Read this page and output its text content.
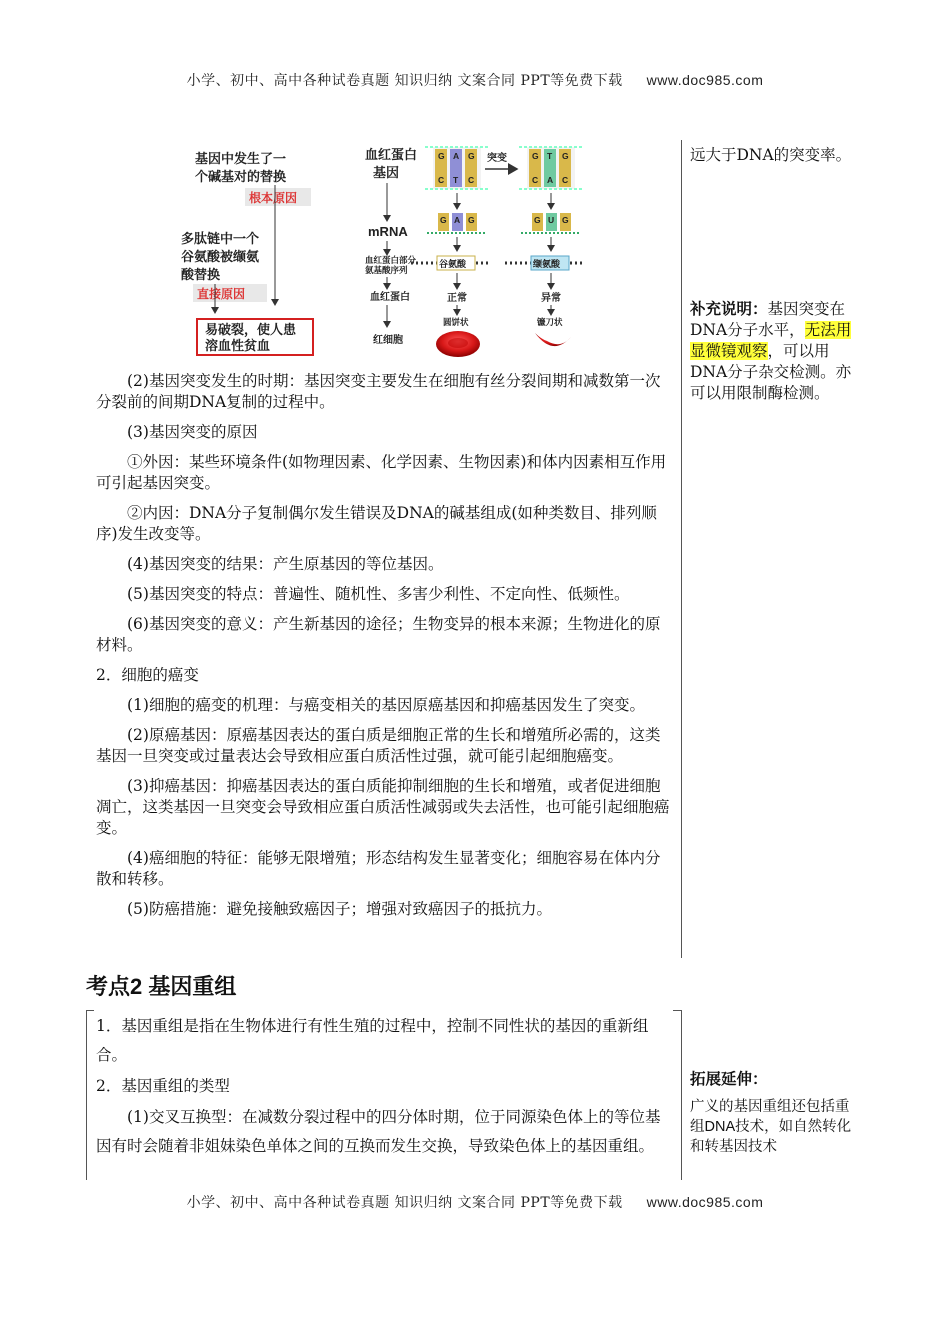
小学、初中、高中各种试卷真题 知识归纳 文案合同 PPT等免费下载 www.doc985.com
基因中发生了一
个碱基对的替换
根本原因
多肽链中一个
谷氨酸被缬氨
酸替换
直接原因
易破裂，使人患
溶血性贫血
血红蛋白
基因
mRNA
血红蛋白部分
氨基酸序列
血红蛋白
红细胞
G A G
C T C
G A G
谷氨酸
正常
圆饼状
突变	G T G
C A C
G U G
缬氨酸
异常
镰刀状

(2)基因突变发生的时期：基因突变主要发生在细胞有丝分裂间期和减数第一次分裂前的间期DNA复制的过程中。

(3)基因突变的原因

①外因：某些环境条件(如物理因素、化学因素、生物因素)和体内因素相互作用可引起基因突变。

②内因：DNA分子复制偶尔发生错误及DNA的碱基组成(如种类数目、排列顺序)发生改变等。

(4)基因突变的结果：产生原基因的等位基因。

(5)基因突变的特点：普遍性、随机性、多害少利性、不定向性、低频性。

(6)基因突变的意义：产生新基因的途径；生物变异的根本来源；生物进化的原材料。

2．细胞的癌变

(1)细胞的癌变的机理：与癌变相关的基因原癌基因和抑癌基因发生了突变。

(2)原癌基因：原癌基因表达的蛋白质是细胞正常的生长和增殖所必需的，这类基因一旦突变或过量表达会导致相应蛋白质活性过强，就可能引起细胞癌变。

(3)抑癌基因：抑癌基因表达的蛋白质能抑制细胞的生长和增殖，或者促进细胞凋亡，这类基因一旦突变会导致相应蛋白质活性减弱或失去活性，也可能引起细胞癌变。

(4)癌细胞的特征：能够无限增殖；形态结构发生显著变化；细胞容易在体内分散和转移。

(5)防癌措施：避免接触致癌因子；增强对致癌因子的抵抗力。

考点2 基因重组

1．基因重组是指在生物体进行有性生殖的过程中，控制不同性状的基因的重新组合。

2．基因重组的类型

(1)交叉互换型：在减数分裂过程中的四分体时期，位于同源染色体上的等位基因有时会随着非姐妹染色单体之间的互换而发生交换，导致染色体上的基因重组。

远大于DNA的突变率。
补充说明：基因突变在DNA分子水平，无法用显微镜观察，可以用DNA分子杂交检测。亦可以用限制酶检测。
拓展延伸：
广义的基因重组还包括重组DNA技术，如自然转化和转基因技术
小学、初中、高中各种试卷真题 知识归纳 文案合同 PPT等免费下载 www.doc985.com
